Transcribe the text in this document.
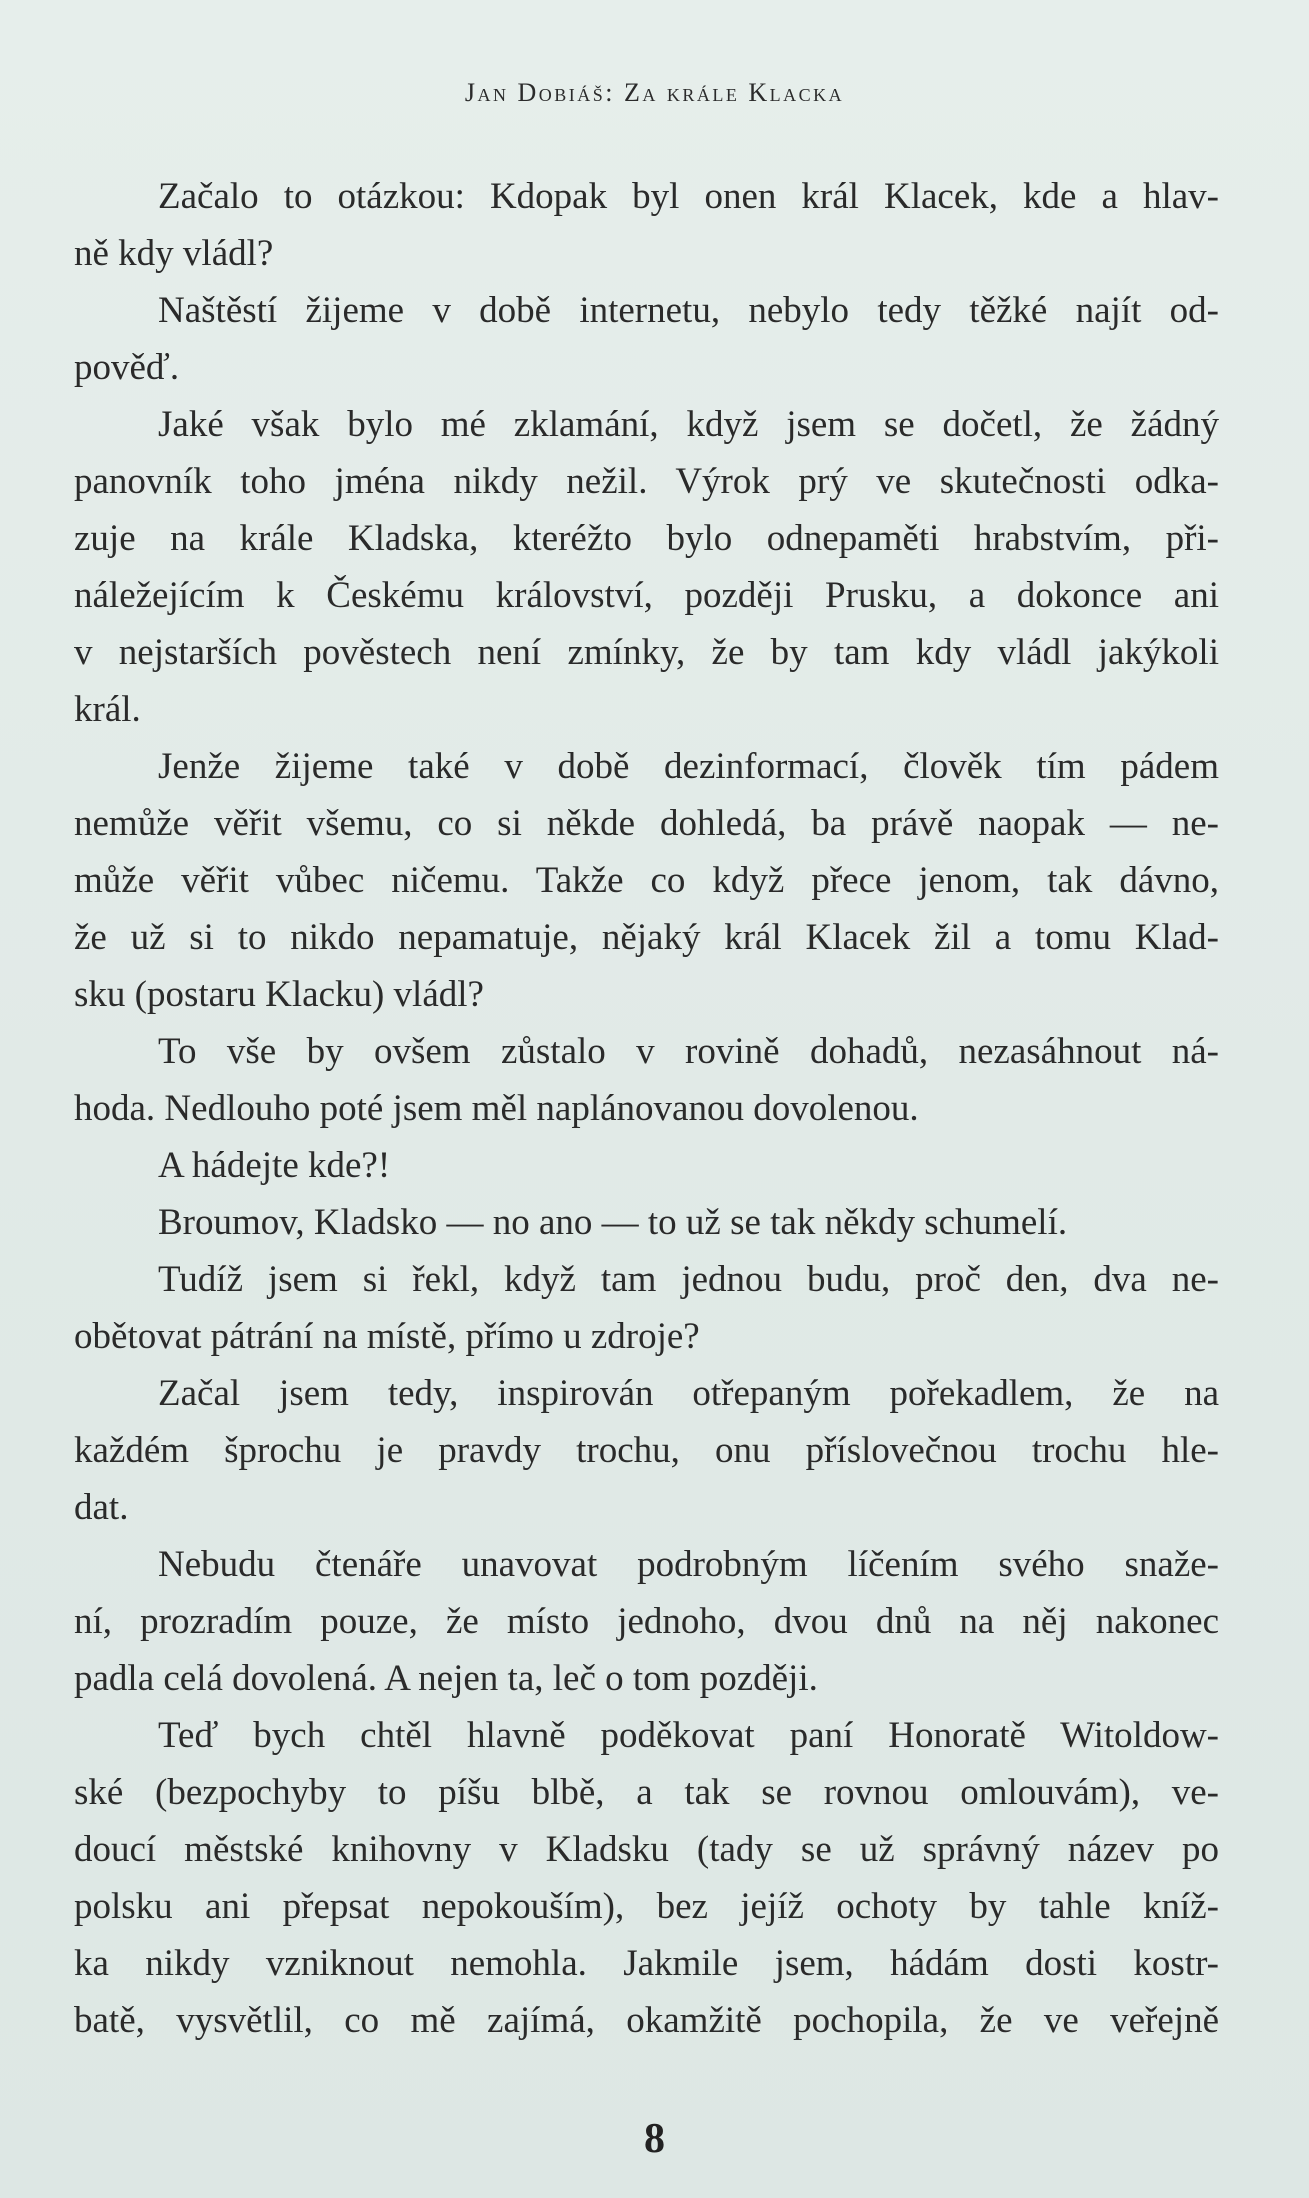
Jan Dobiáš: Za krále Klacka
Začalo to otázkou: Kdopak byl onen král Klacek, kde a hlav-
ně kdy vládl?
Naštěstí žijeme v době internetu, nebylo tedy těžké najít od-
pověď.
Jaké však bylo mé zklamání, když jsem se dočetl, že žádný
panovník toho jména nikdy nežil. Výrok prý ve skutečnosti odka-
zuje na krále Kladska, kteréžto bylo odnepaměti hrabstvím, při-
náležejícím k Českému království, později Prusku, a dokonce ani
v nejstarších pověstech není zmínky, že by tam kdy vládl jakýkoli
král.
Jenže žijeme také v době dezinformací, člověk tím pádem
nemůže věřit všemu, co si někde dohledá, ba právě naopak — ne-
může věřit vůbec ničemu. Takže co když přece jenom, tak dávno,
že už si to nikdo nepamatuje, nějaký král Klacek žil a tomu Klad-
sku (postaru Klacku) vládl?
To vše by ovšem zůstalo v rovině dohadů, nezasáhnout ná-
hoda. Nedlouho poté jsem měl naplánovanou dovolenou.
A hádejte kde?!
Broumov, Kladsko — no ano — to už se tak někdy schumelí.
Tudíž jsem si řekl, když tam jednou budu, proč den, dva ne-
obětovat pátrání na místě, přímo u zdroje?
Začal jsem tedy, inspirován otřepaným pořekadlem, že na
každém šprochu je pravdy trochu, onu příslovečnou trochu hle-
dat.
Nebudu čtenáře unavovat podrobným líčením svého snaže-
ní, prozradím pouze, že místo jednoho, dvou dnů na něj nakonec
padla celá dovolená. A nejen ta, leč o tom později.
Teď bych chtěl hlavně poděkovat paní Honoratě Witoldow-
ské (bezpochyby to píšu blbě, a tak se rovnou omlouvám), ve-
doucí městské knihovny v Kladsku (tady se už správný název po
polsku ani přepsat nepokouším), bez jejíž ochoty by tahle kníž-
ka nikdy vzniknout nemohla. Jakmile jsem, hádám dosti kostr-
batě, vysvětlil, co mě zajímá, okamžitě pochopila, že ve veřejně
8
